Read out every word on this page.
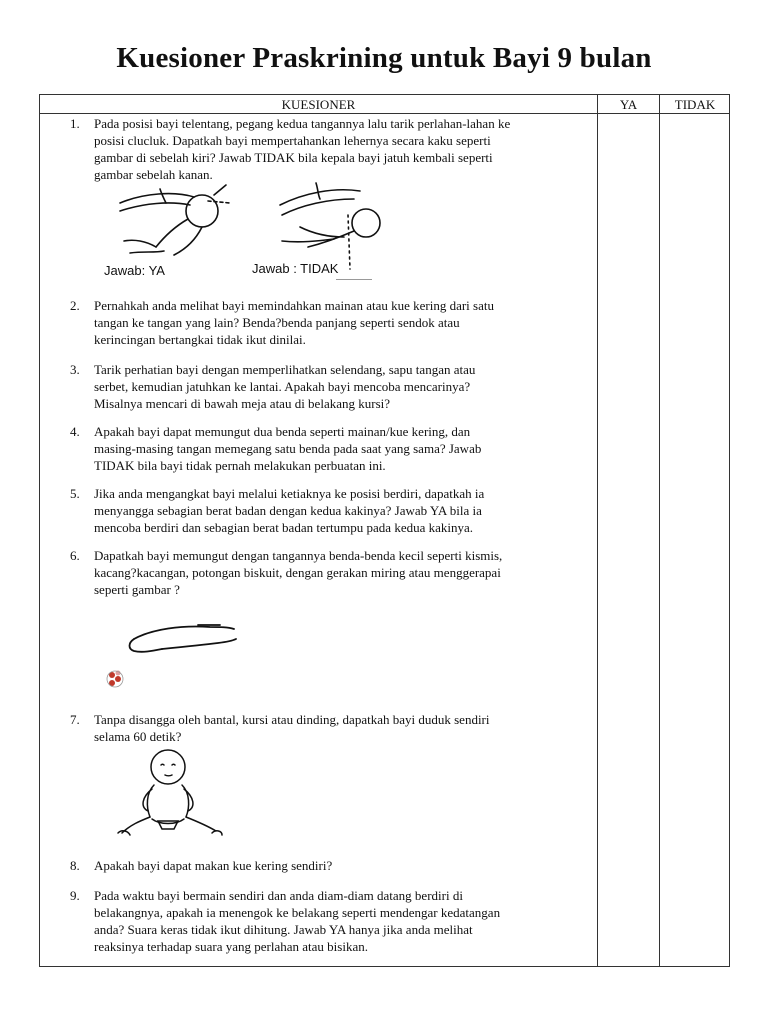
Kuesioner Praskrining untuk Bayi 9 bulan
KUESIONER	YA	TIDAK
1. Pada posisi bayi telentang, pegang kedua tangannya lalu tarik perlahan-lahan ke
posisi clucluk. Dapatkah bayi mempertahankan lehernya secara kaku seperti
gambar di sebelah kiri? Jawab TIDAK bila kepala bayi jatuh kembali seperti
gambar sebelah kanan.
Jawab: YA	Jawab : TIDAK
2. Pernahkah anda melihat bayi memindahkan mainan atau kue kering dari satu
tangan ke tangan yang lain? Benda?benda panjang seperti sendok atau
kerincingan bertangkai tidak ikut dinilai.
3. Tarik perhatian bayi dengan memperlihatkan selendang, sapu tangan atau
serbet, kemudian jatuhkan ke lantai. Apakah bayi mencoba mencarinya?
Misalnya mencari di bawah meja atau di belakang kursi?
4. Apakah bayi dapat memungut dua benda seperti mainan/kue kering, dan
masing-masing tangan memegang satu benda pada saat yang sama? Jawab
TIDAK bila bayi tidak pernah melakukan perbuatan ini.
5. Jika anda mengangkat bayi melalui ketiaknya ke posisi berdiri, dapatkah ia
menyangga sebagian berat badan dengan kedua kakinya? Jawab YA bila ia
mencoba berdiri dan sebagian berat badan tertumpu pada kedua kakinya.
6. Dapatkah bayi memungut dengan tangannya benda-benda kecil seperti kismis,
kacang?kacangan, potongan biskuit, dengan gerakan miring atau menggerapai
seperti gambar ?
7. Tanpa disangga oleh bantal, kursi atau dinding, dapatkah bayi duduk sendiri
selama 60 detik?
8. Apakah bayi dapat makan kue kering sendiri?
9. Pada waktu bayi bermain sendiri dan anda diam-diam datang berdiri di
belakangnya, apakah ia menengok ke belakang seperti mendengar kedatangan
anda? Suara keras tidak ikut dihitung. Jawab YA hanya jika anda melihat
reaksinya terhadap suara yang perlahan atau bisikan.
